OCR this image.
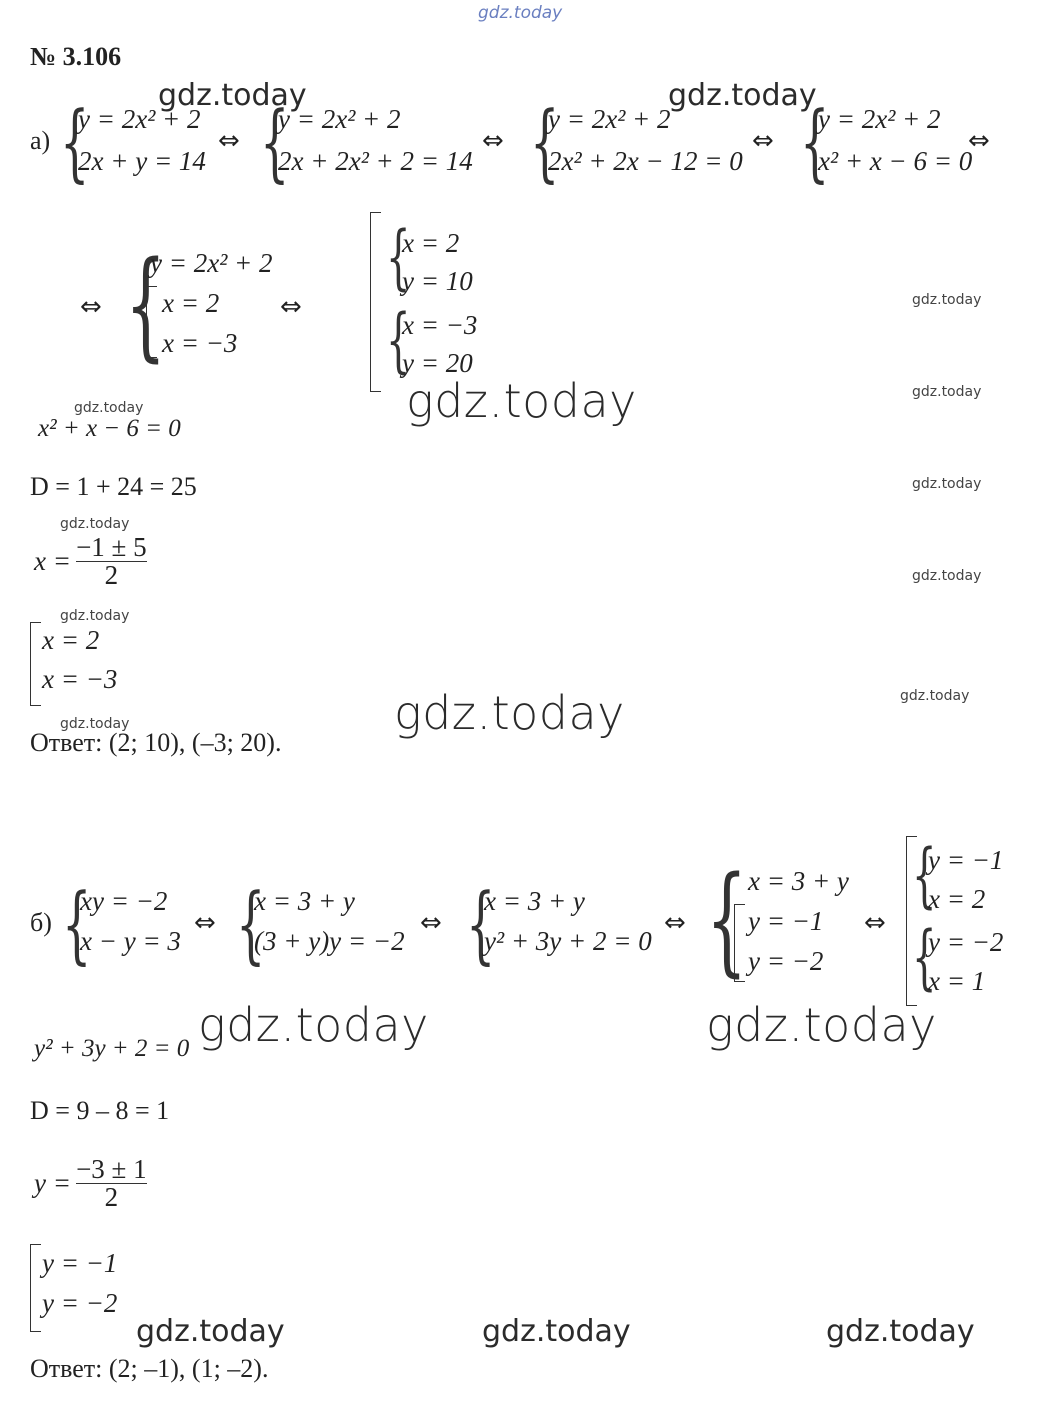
gdz.today
№ 3.106
а) {
y = 2x² + 2
2x + y = 14
⇔ {
y = 2x² + 2
2x + 2x² + 2 = 14
⇔ {
y = 2x² + 2
2x² + 2x − 12 = 0
⇔ {
y = 2x² + 2
x² + x − 6 = 0
⇔
⇔ {
y = 2x² + 2
x = 2
x = −3
⇔
{
x = 2
y = 10
{
x = −3
y = 20
x² + x − 6 = 0
D = 1 + 24 = 25
$x = \frac{-1 \pm 5}{2}$
x = 2
x = −3
Ответ: (2; 10), (–3; 20).
б) {
xy = −2
x − y = 3
⇔ {
x = 3 + y
(3 + y)y = −2
⇔ {
x = 3 + y
y² + 3y + 2 = 0
⇔ { x = 3 + y
y = −1
y = −2
⇔
{
y = −1
x = 2
{
y = −2
x = 1
y² + 3y + 2 = 0
D = 9 – 8 = 1
$y = \frac{-3 \pm 1}{2}$
y = −1
y = −2
Ответ: (2; –1), (1; –2).
gdz.today	gdz.today
gdz.today
gdz.today
gdz.today	gdz.today
gdz.today	gdz.today	gdz.today
gdz.today
gdz.today
gdz.today
gdz.today
gdz.today
gdz.today
gdz.today
gdz.today
gdz.today
